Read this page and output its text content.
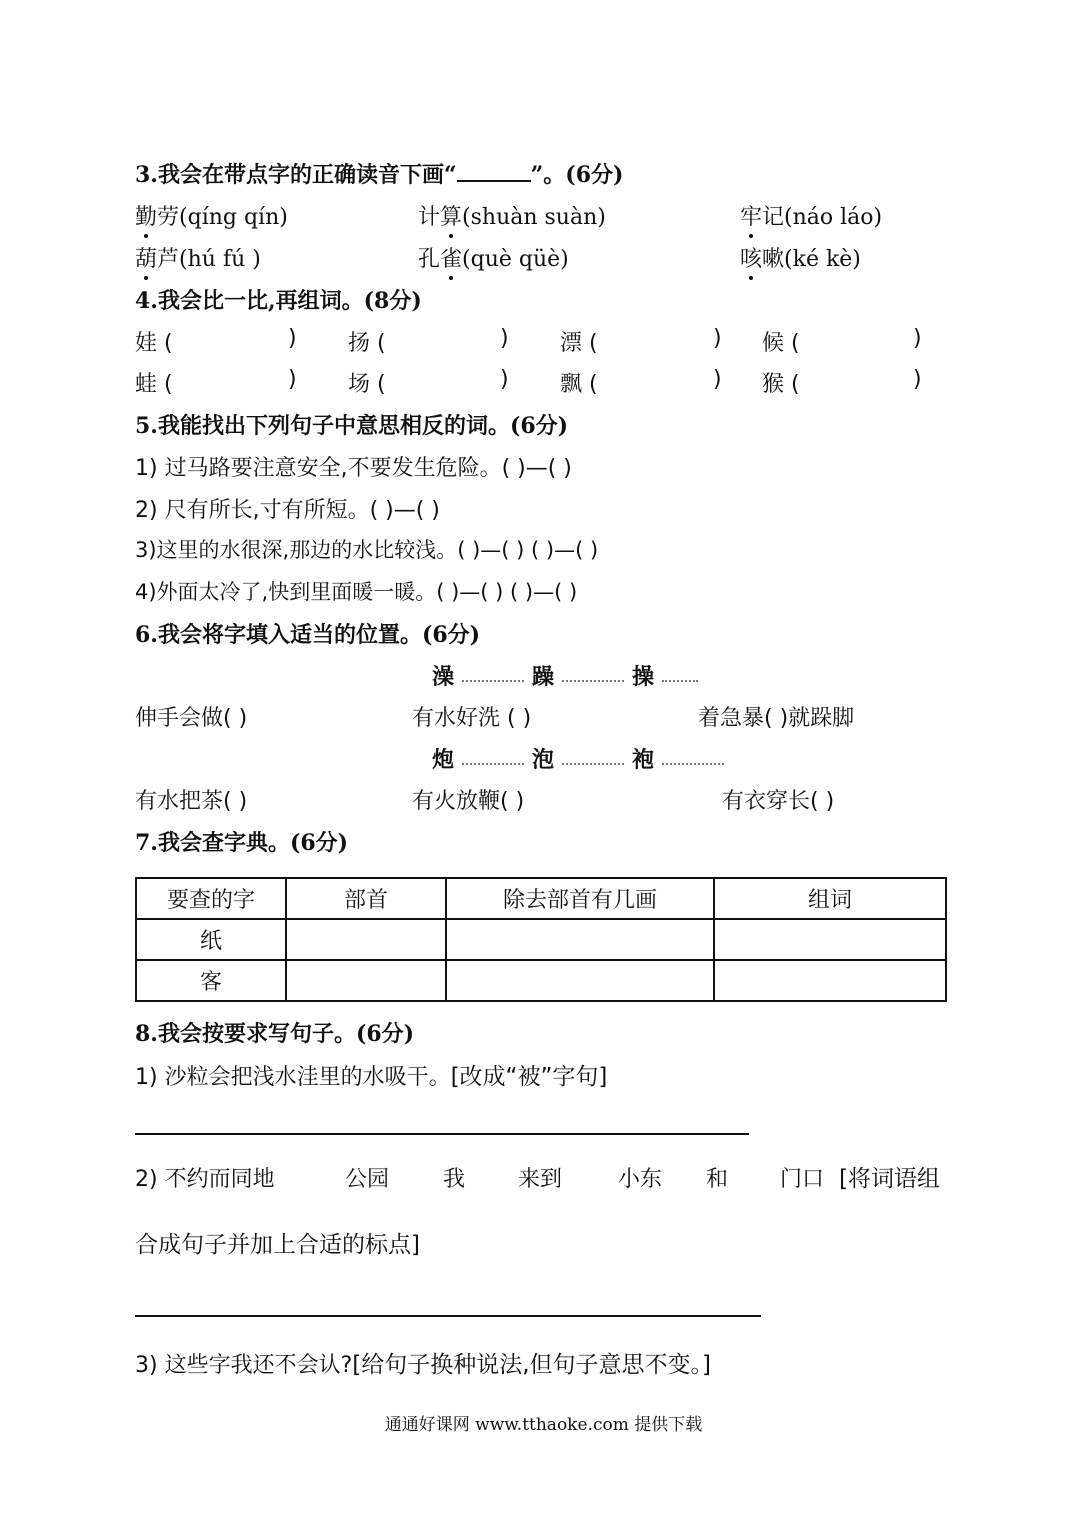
3.我会在带点字的正确读音下画“	”。(6分)
勤劳(qíng qín)	计算(shuàn suàn)	牢记(náo láo)
葫芦(hú fú )	孔雀(què qüè)	咳嗽(ké kè)
4.我会比一比,再组词。(8分)
娃 (	) 扬 (	) 漂 (	) 候 (	)
蛙 (	) 场 (	) 飘 (	) 猴 (	)
5.我能找出下列句子中意思相反的词。(6分)
1) 过马路要注意安全,不要发生危险。( )—( )
2) 尺有所长,寸有所短。( )—( )
3)这里的水很深,那边的水比较浅。( )—( ) ( )—( )
4)外面太冷了,快到里面暖一暖。( )—( ) ( )—( )
6.我会将字填入适当的位置。(6分)
澡	躁	操
伸手会做( )	有水好洗 ( )	着急暴( )就跺脚
炮	泡	袍
有水把茶( )	有火放鞭( )	有衣穿长( )
7.我会查字典。(6分)
要查的字	部首	除去部首有几画	组词
纸			
客			
8.我会按要求写句子。(6分)
1) 沙粒会把浅水洼里的水吸干。[改成“被”字句]
2) 不约而同地	公园 我 来到	小东 和 门口 [将词语组
合成句子并加上合适的标点]
3) 这些字我还不会认?[给句子换种说法,但句子意思不变。]
通通好课网 www.tthaoke.com 提供下载
